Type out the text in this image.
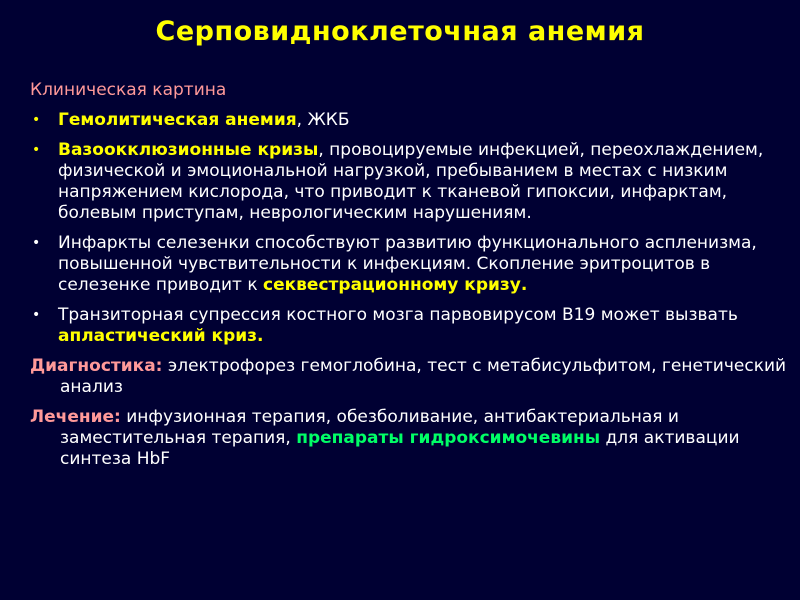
Серповидноклеточная анемия
Клиническая картина
• Гемолитическая анемия, ЖКБ
• Вазоокклюзионные кризы, провоцируемые инфекцией, переохлаждением, физической и эмоциональной нагрузкой, пребыванием в местах с низким напряжением кислорода, что приводит к тканевой гипоксии, инфарктам, болевым приступам, неврологическим нарушениям.
• Инфаркты селезенки способствуют развитию функционального аспленизма, повышенной чувствительности к инфекциям. Скопление эритроцитов в селезенке приводит к секвестрационному кризу.
• Транзиторная супрессия костного мозга парвовирусом В19 может вызвать апластический криз.
Диагностика: электрофорез гемоглобина, тест с метабисульфитом, генетический анализ
Лечение: инфузионная терапия, обезболивание, антибактериальная и заместительная терапия, препараты гидроксимочевины для активации синтеза HbF
